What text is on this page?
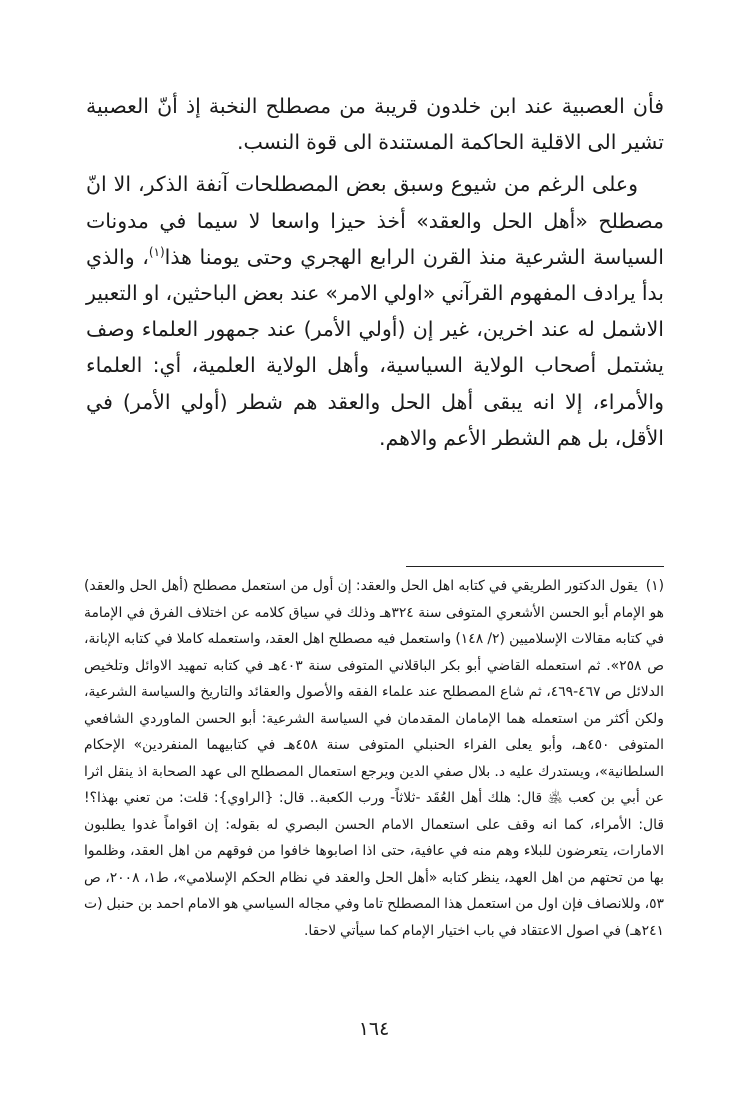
فأن العصبية عند ابن خلدون قريبة من مصطلح النخبة إذ أنّ العصبية تشير الى الاقلية الحاكمة المستندة الى قوة النسب.

وعلى الرغم من شيوع وسبق بعض المصطلحات آنفة الذكر، الا انّ مصطلح «أهل الحل والعقد» أخذ حيزا واسعا لا سيما في مدونات السياسة الشرعية منذ القرن الرابع الهجري وحتى يومنا هذا$^{(١)}$، والذي بدأ يرادف المفهوم القرآني «اولي الامر» عند بعض الباحثين، او التعبير الاشمل له عند اخرين، غير إن (أولي الأمر) عند جمهور العلماء وصف يشتمل أصحاب الولاية السياسية، وأهل الولاية العلمية، أي: العلماء والأمراء، إلا انه يبقى أهل الحل والعقد هم شطر (أولي الأمر) في الأقل، بل هم الشطر الأعم والاهم.

(١)يقول الدكتور الطريقي في كتابه اهل الحل والعقد: إن أول من استعمل مصطلح (أهل الحل والعقد) هو الإمام أبو الحسن الأشعري المتوفى سنة ٣٢٤هـ وذلك في سياق كلامه عن اختلاف الفرق في الإمامة في كتابه مقالات الإسلاميين (٢/ ١٤٨) واستعمل فيه مصطلح اهل العقد، واستعمله كاملا في كتابه الإبانة، ص ٢٥٨». ثم استعمله القاضي أبو بكر الباقلاني المتوفى سنة ٤٠٣هـ في كتابه تمهيد الاوائل وتلخيص الدلائل ص ٤٦٧-٤٦٩، ثم شاع المصطلح عند علماء الفقه والأصول والعقائد والتاريخ والسياسة الشرعية، ولكن أكثر من استعمله هما الإمامان المقدمان في السياسة الشرعية: أبو الحسن الماوردي الشافعي المتوفى ٤٥٠هـ، وأبو يعلى الفراء الحنبلي المتوفى سنة ٤٥٨هـ في كتابيهما المنفردين» الإحكام السلطانية»، ويستدرك عليه د. بلال صفي الدين ويرجع استعمال المصطلح الى عهد الصحابة اذ ينقل اثرا عن أبي بن كعب ﵁ قال: هلك أهل العُقَد -ثلاثاً- ورب الكعبة.. قال: {الراوي}: قلت: من تعني بهذا؟! قال: الأمراء، كما انه وقف على استعمال الامام الحسن البصري له بقوله: إن اقواماً غدوا يطلبون الامارات، يتعرضون للبلاء وهم منه في عافية، حتى اذا اصابوها خافوا من فوقهم من اهل العقد، وظلموا بها من تحتهم من اهل العهد، ينظر كتابه «أهل الحل والعقد في نظام الحكم الإسلامي»، ط١، ٢٠٠٨، ص ٥٣، وللانصاف فإن اول من استعمل هذا المصطلح تاما وفي مجاله السياسي هو الامام احمد بن حنبل (ت ٢٤١هـ) في اصول الاعتقاد في باب اختيار الإمام كما سيأتي لاحقا.
١٦٤
